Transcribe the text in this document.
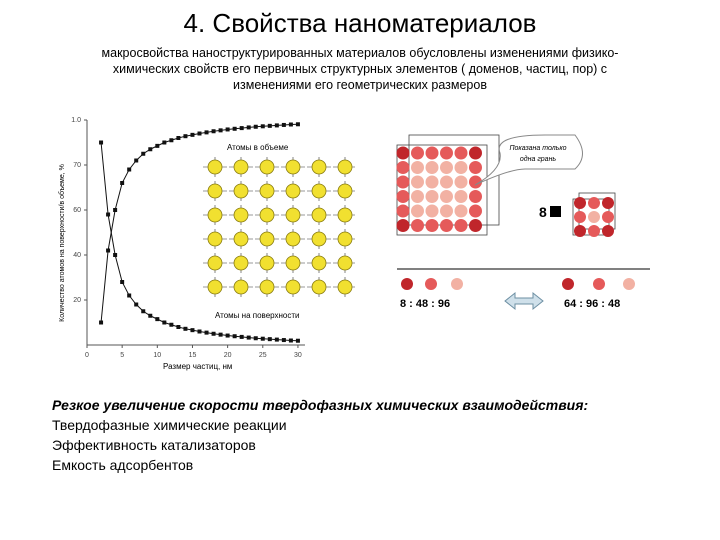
4. Свойства наноматериалов
макросвойства наноструктурированных материалов обусловлены изменениями физико-
химических свойств его первичных структурных элементов ( доменов, частиц, пор) с
изменениями его геометрических размеров
0	5	10	15	20	25	30
20
40
60
70
1.0
Атомы в объеме
Атомы на поверхности
Размер частиц, нм
Количество атомов на поверхности/в объеме, %
Показана только
одна грань
8
8 : 48 : 96	64 : 96 : 48
Резкое увеличение скорости твердофазных химических взаимодействия:
Твердофазные химические реакции
Эффективность катализаторов
Емкость адсорбентов
